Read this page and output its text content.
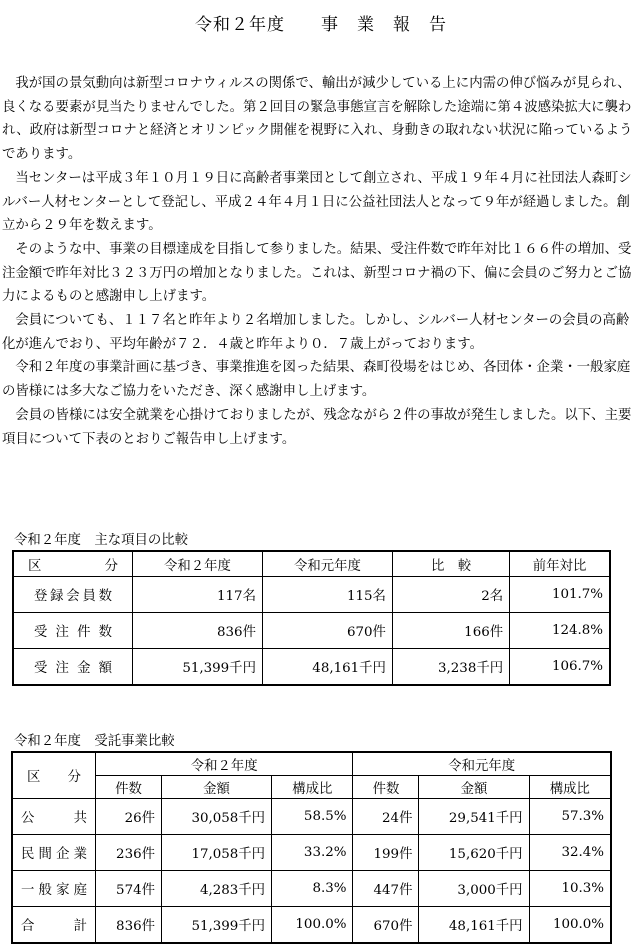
令和２年度　　事　業　報　告

我が国の景気動向は新型コロナウィルスの関係で、輸出が減少している上に内需の伸び悩みが見られ、良くなる要素が見当たりませんでした。第２回目の緊急事態宣言を解除した途端に第４波感染拡大に襲われ、政府は新型コロナと経済とオリンピック開催を視野に入れ、身動きの取れない状況に陥っているようであります。

当センターは平成３年１０月１９日に高齢者事業団として創立され、平成１９年４月に社団法人森町シルバー人材センターとして登記し、平成２４年４月１日に公益社団法人となって９年が経過しました。創立から２９年を数えます。

そのような中、事業の目標達成を目指して参りました。結果、受注件数で昨年対比１６６件の増加、受注金額で昨年対比３２３万円の増加となりました。これは、新型コロナ禍の下、偏に会員のご努力とご協力によるものと感謝申し上げます。

会員についても、１１７名と昨年より２名増加しました。しかし、シルバー人材センターの会員の高齢化が進んでおり、平均年齢が７２．４歳と昨年より０．７歳上がっております。

令和２年度の事業計画に基づき、事業推進を図った結果、森町役場をはじめ、各団体・企業・一般家庭の皆様には多大なご協力をいただき、深く感謝申し上げます。

会員の皆様には安全就業を心掛けておりましたが、残念ながら２件の事故が発生しました。以下、主要項目について下表のとおりご報告申し上げます。

令和２年度　主な項目の比較
区分	令和２年度	令和元年度	比　較	前年対比
登録会員数	117名	115名	2名	101.7%
受注件数	836件	670件	166件	124.8%
受注金額	51,399千円	48,161千円	3,238千円	106.7%
令和２年度　受託事業比較
区分	令和２年度			令和元年度		
	件数	金額	構成比	件数	金額	構成比
公共	26件	30,058千円	58.5%	24件	29,541千円	57.3%
民間企業	236件	17,058千円	33.2%	199件	15,620千円	32.4%
一般家庭	574件	4,283千円	8.3%	447件	3,000千円	10.3%
合計	836件	51,399千円	100.0%	670件	48,161千円	100.0%
